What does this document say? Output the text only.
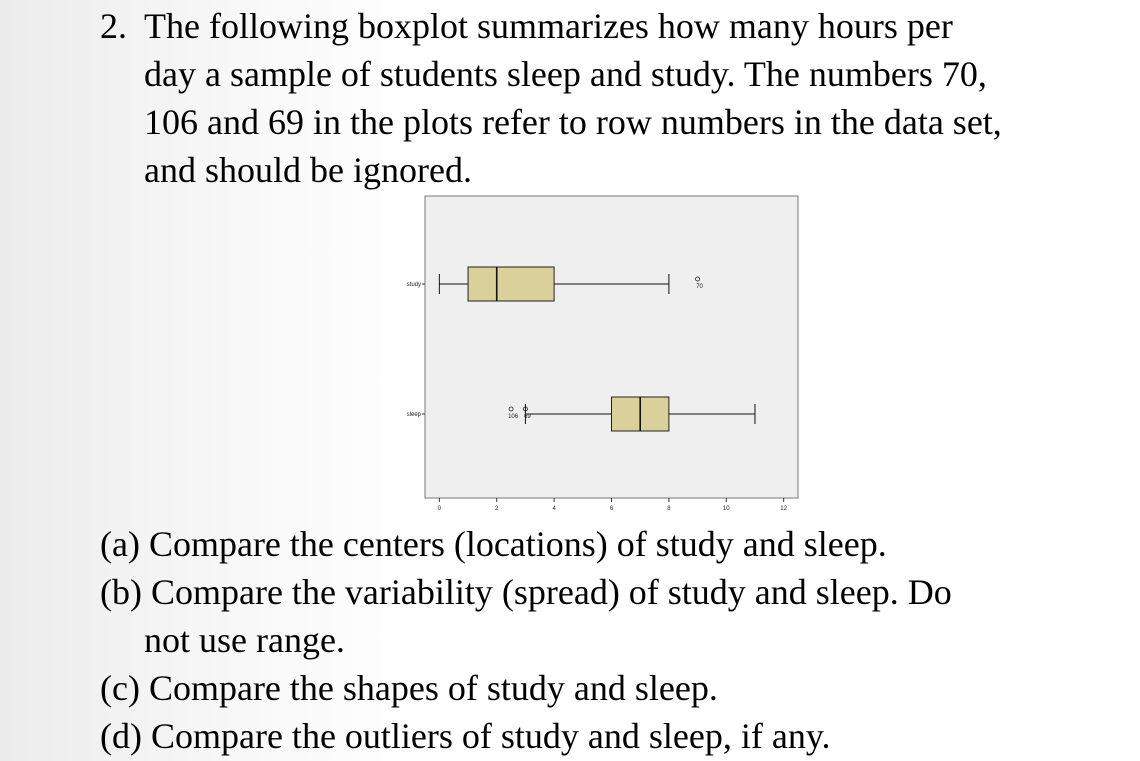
2. The following boxplot summarizes how many hours per
day a sample of students sleep and study. The numbers 70,
106 and 69 in the plots refer to row numbers in the data set,
and should be ignored.
0	2	4	6	8	10	12
study	70
sleep	106 69
(a) Compare the centers (locations) of study and sleep.
(b) Compare the variability (spread) of study and sleep. Do
not use range.
(c) Compare the shapes of study and sleep.
(d) Compare the outliers of study and sleep, if any.
